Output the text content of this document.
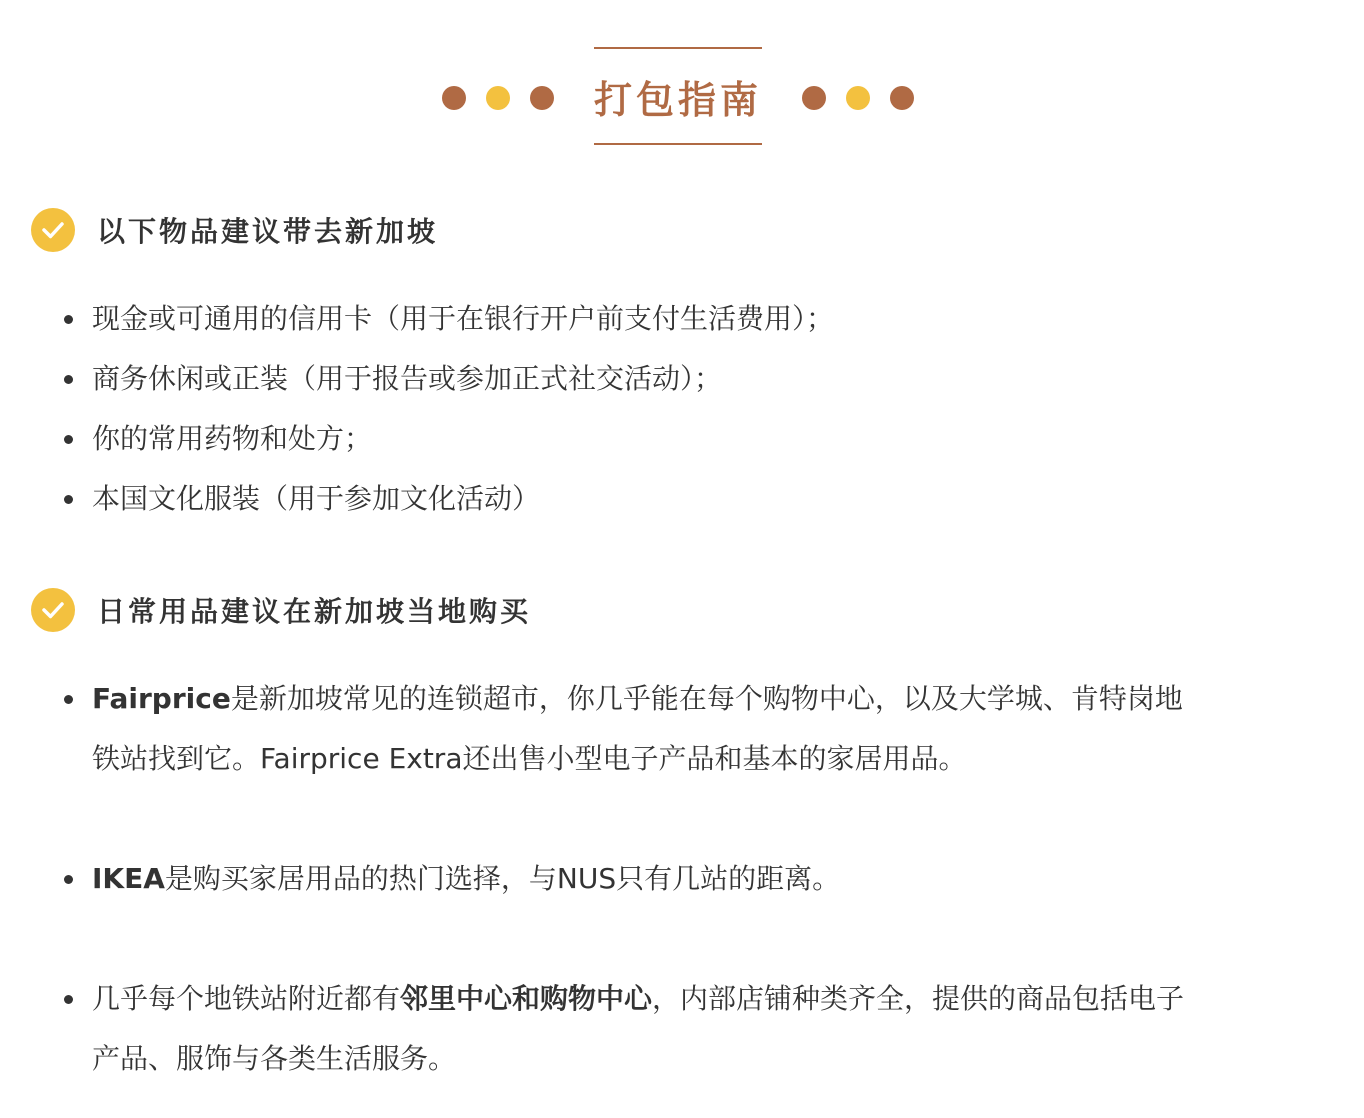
打包指南
以下物品建议带去新加坡
现金或可通用的信用卡（用于在银行开户前支付生活费用）；
商务休闲或正装（用于报告或参加正式社交活动）；
你的常用药物和处方；
本国文化服装（用于参加文化活动）
日常用品建议在新加坡当地购买
Fairprice是新加坡常见的连锁超市，你几乎能在每个购物中心，以及大学城、肯特岗地
铁站找到它。Fairprice Extra还出售小型电子产品和基本的家居用品。
IKEA是购买家居用品的热门选择，与NUS只有几站的距离。
几乎每个地铁站附近都有邻里中心和购物中心，内部店铺种类齐全，提供的商品包括电子
产品、服饰与各类生活服务。
